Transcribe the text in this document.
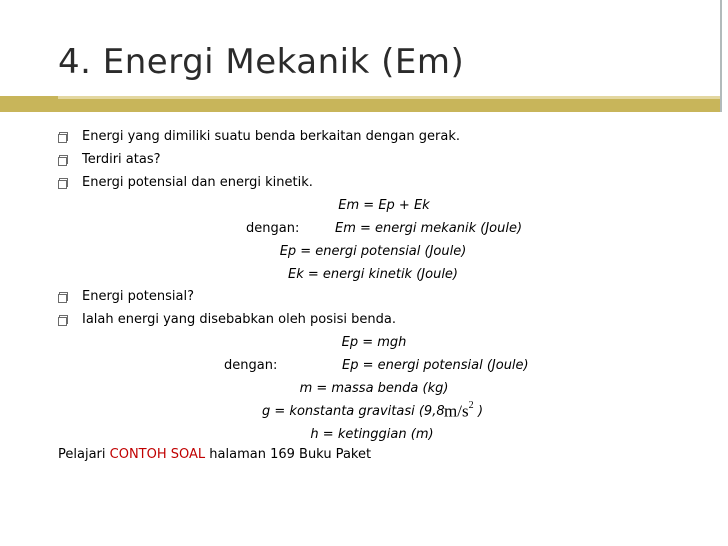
4. Energi Mekanik (Em)
Energi yang dimiliki suatu benda berkaitan dengan gerak.
Terdiri atas?
Energi potensial dan energi kinetik.
Em = Ep + Ek
dengan:	Em = energi mekanik (Joule)
Ep = energi potensial (Joule)
Ek = energi kinetik (Joule)
Energi potensial?
Ialah energi yang disebabkan oleh posisi benda.
Ep = mgh
dengan:	Ep = energi potensial (Joule)
m = massa benda (kg)
g = konstanta gravitasi (9,8 $m/s^2$ )
h = ketinggian (m)
Pelajari CONTOH SOAL halaman 169 Buku Paket
